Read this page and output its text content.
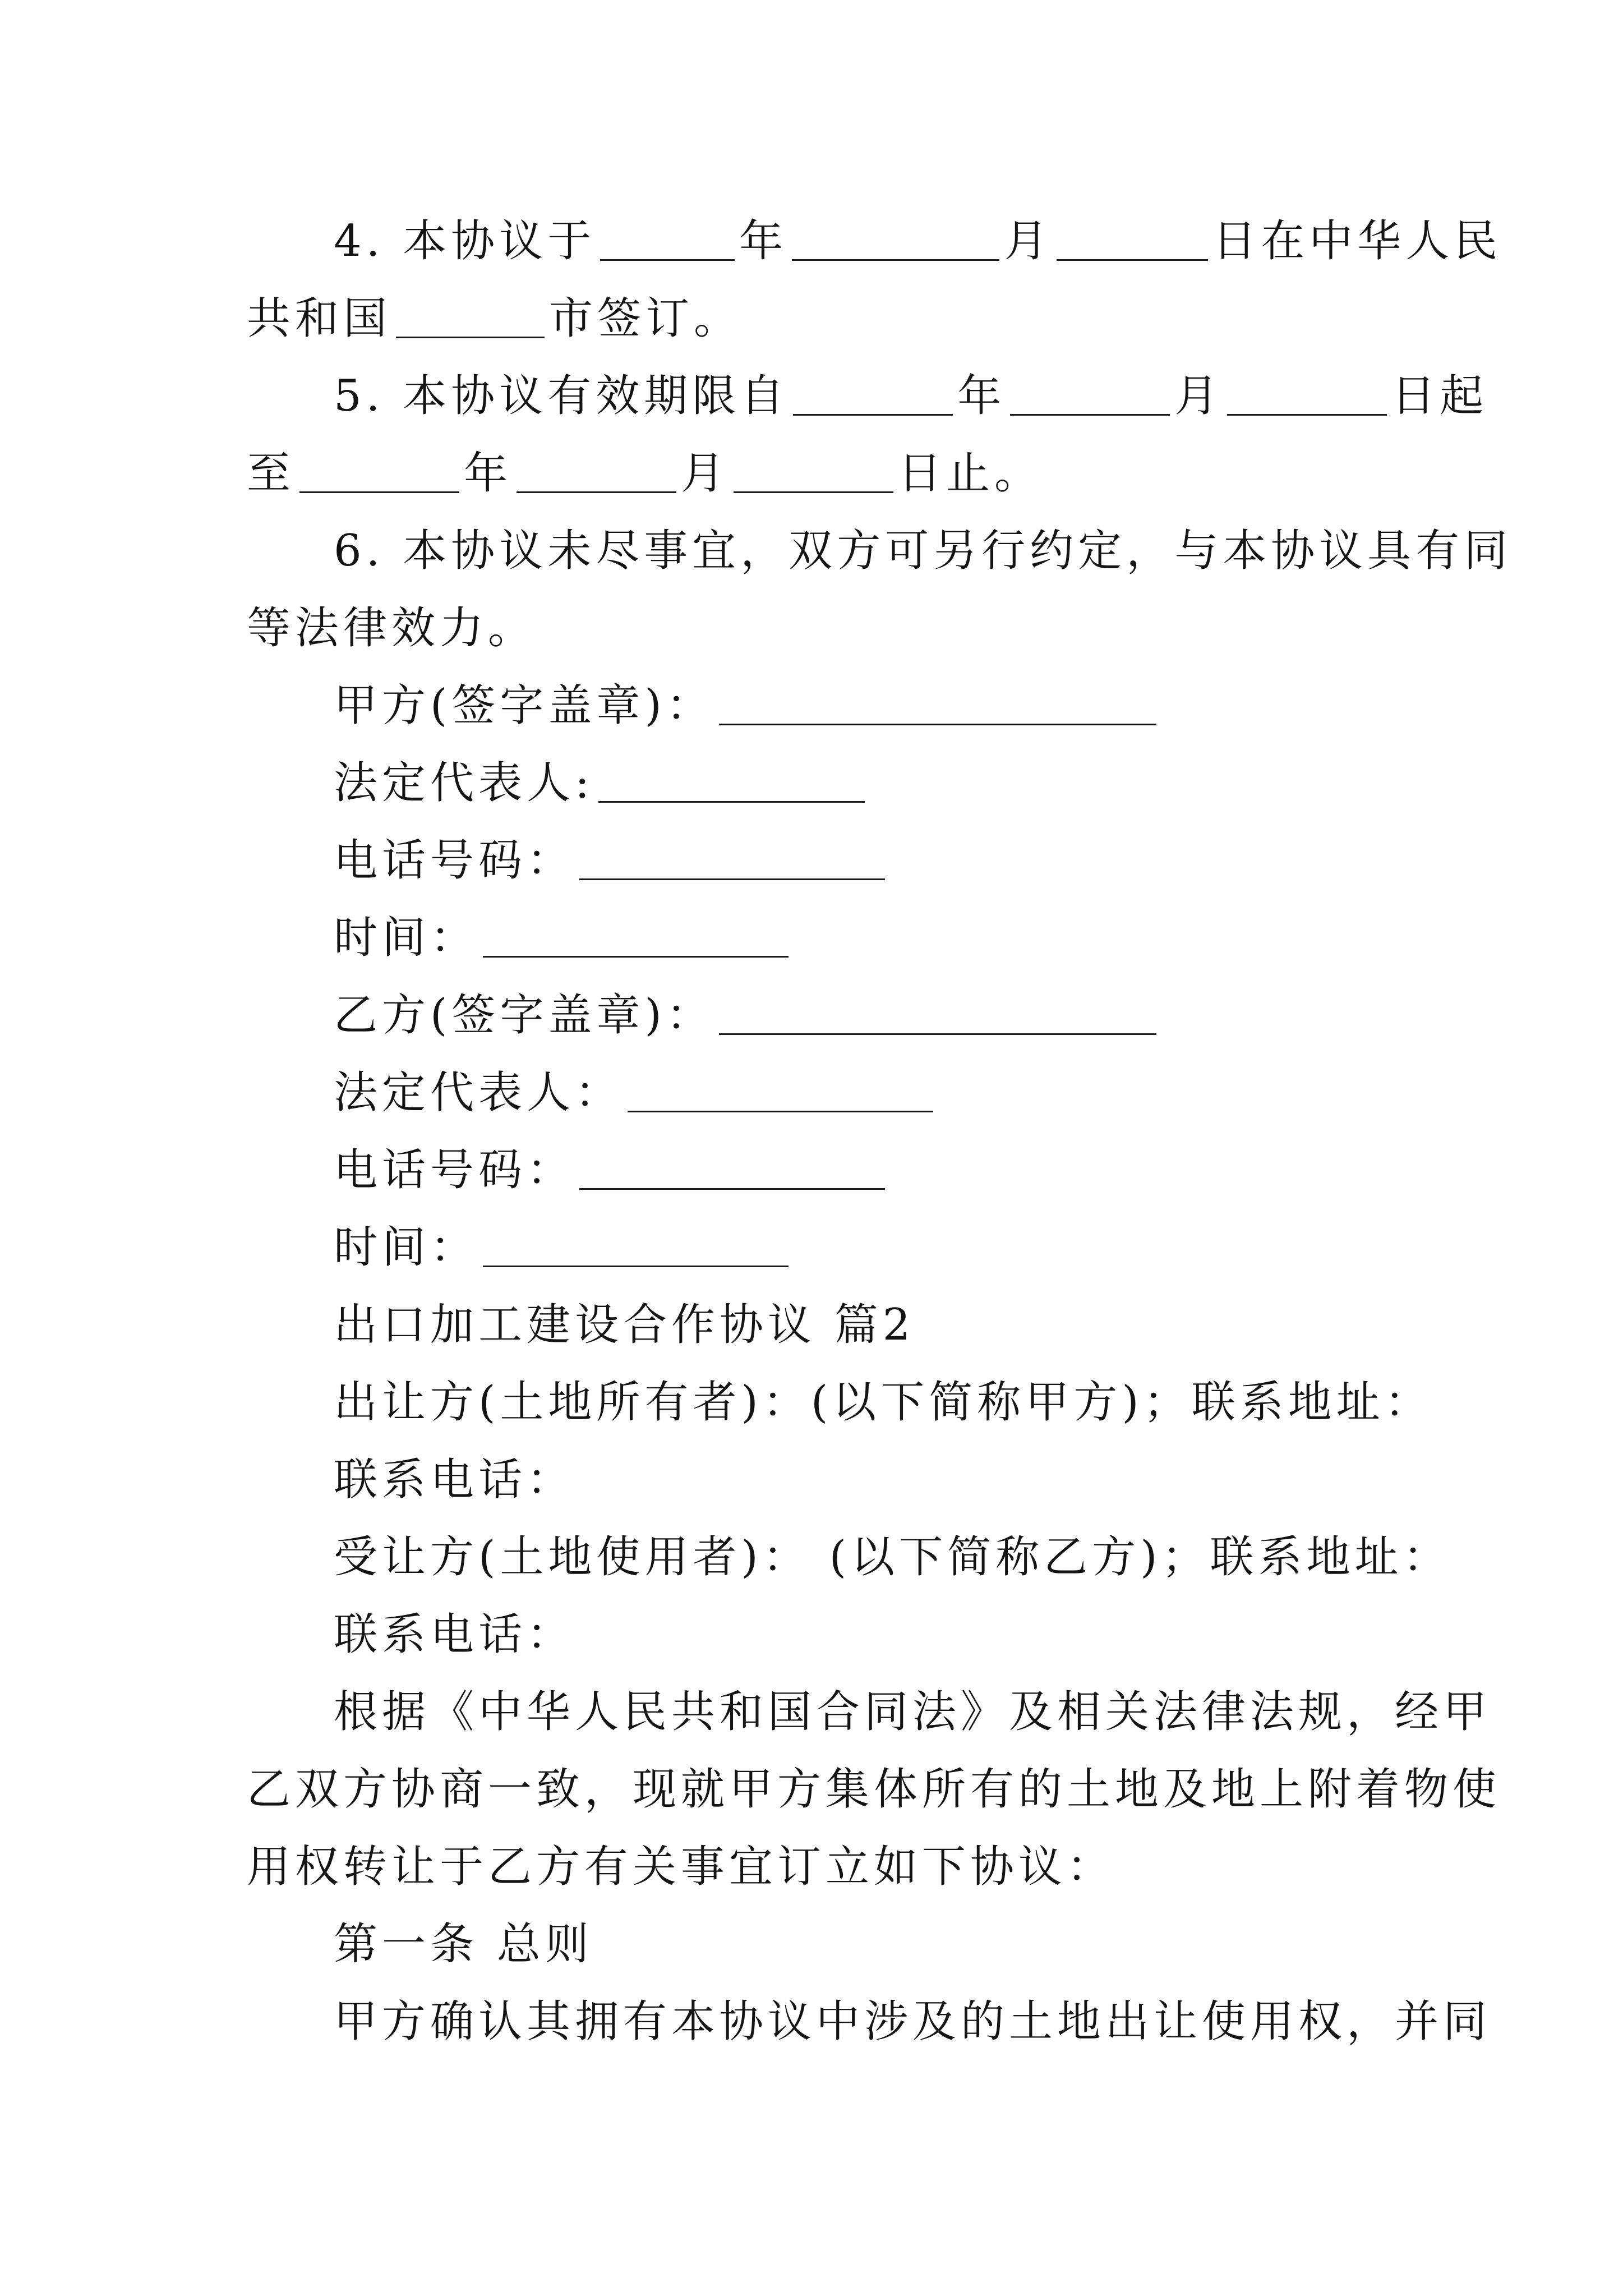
4. 本协议于	年	月	日在中华人民
共和国	市签订。
5. 本协议有效期限自	年	月	日起
至	年	月	日止。
6. 本协议未尽事宜，双方可另行约定，与本协议具有同
等法律效力。
甲方(签字盖章)：
法定代表人:
电话号码：
时间：
乙方(签字盖章)：
法定代表人：
电话号码：
时间：
出口加工建设合作协议 篇2
出让方(土地所有者)：(以下简称甲方)；联系地址：
联系电话：
受让方(土地使用者)： (以下简称乙方)；联系地址：
联系电话：
根据《中华人民共和国合同法》及相关法律法规，经甲
乙双方协商一致，现就甲方集体所有的土地及地上附着物使
用权转让于乙方有关事宜订立如下协议：
第一条 总则
甲方确认其拥有本协议中涉及的土地出让使用权，并同
